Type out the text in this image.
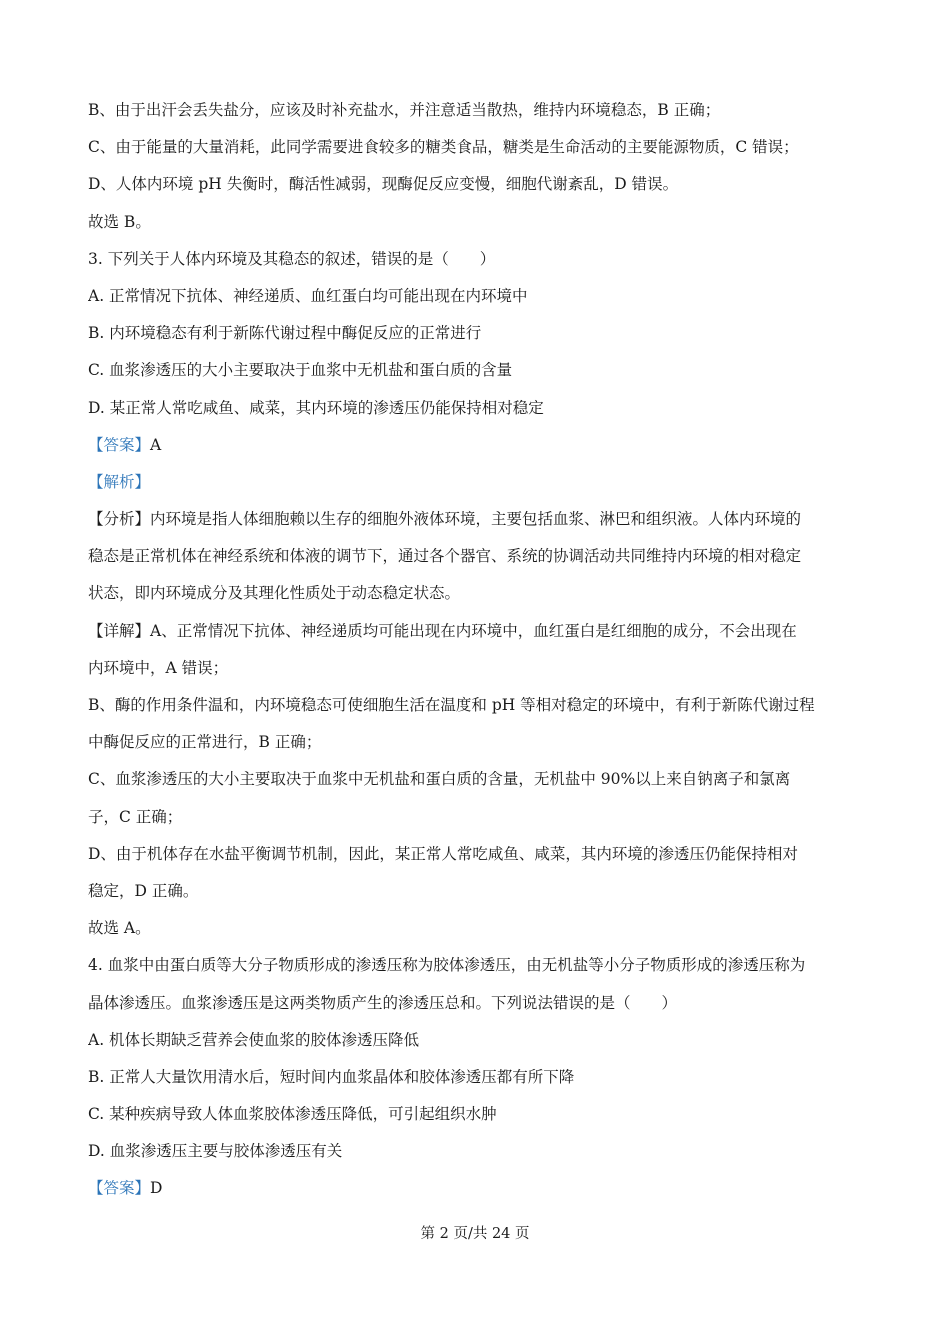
B、由于出汗会丢失盐分，应该及时补充盐水，并注意适当散热，维持内环境稳态，B 正确；
C、由于能量的大量消耗，此同学需要进食较多的糖类食品，糖类是生命活动的主要能源物质，C 错误；
D、人体内环境 pH 失衡时，酶活性减弱，现酶促反应变慢，细胞代谢紊乱，D 错误。
故选 B。
3. 下列关于人体内环境及其稳态的叙述，错误的是（　　）
A. 正常情况下抗体、神经递质、血红蛋白均可能出现在内环境中
B. 内环境稳态有利于新陈代谢过程中酶促反应的正常进行
C. 血浆渗透压的大小主要取决于血浆中无机盐和蛋白质的含量
D. 某正常人常吃咸鱼、咸菜，其内环境的渗透压仍能保持相对稳定
【答案】A
【解析】
【分析】内环境是指人体细胞赖以生存的细胞外液体环境，主要包括血浆、淋巴和组织液。人体内环境的
稳态是正常机体在神经系统和体液的调节下，通过各个器官、系统的协调活动共同维持内环境的相对稳定
状态，即内环境成分及其理化性质处于动态稳定状态。
【详解】A、正常情况下抗体、神经递质均可能出现在内环境中，血红蛋白是红细胞的成分，不会出现在
内环境中，A 错误；
B、酶的作用条件温和，内环境稳态可使细胞生活在温度和 pH 等相对稳定的环境中，有利于新陈代谢过程
中酶促反应的正常进行，B 正确；
C、血浆渗透压的大小主要取决于血浆中无机盐和蛋白质的含量，无机盐中 90%以上来自钠离子和氯离
子，C 正确；
D、由于机体存在水盐平衡调节机制，因此，某正常人常吃咸鱼、咸菜，其内环境的渗透压仍能保持相对
稳定，D 正确。
故选 A。
4. 血浆中由蛋白质等大分子物质形成的渗透压称为胶体渗透压，由无机盐等小分子物质形成的渗透压称为
晶体渗透压。血浆渗透压是这两类物质产生的渗透压总和。下列说法错误的是（　　）
A. 机体长期缺乏营养会使血浆的胶体渗透压降低
B. 正常人大量饮用清水后，短时间内血浆晶体和胶体渗透压都有所下降
C. 某种疾病导致人体血浆胶体渗透压降低，可引起组织水肿
D. 血浆渗透压主要与胶体渗透压有关
【答案】D
第 2 页/共 24 页
